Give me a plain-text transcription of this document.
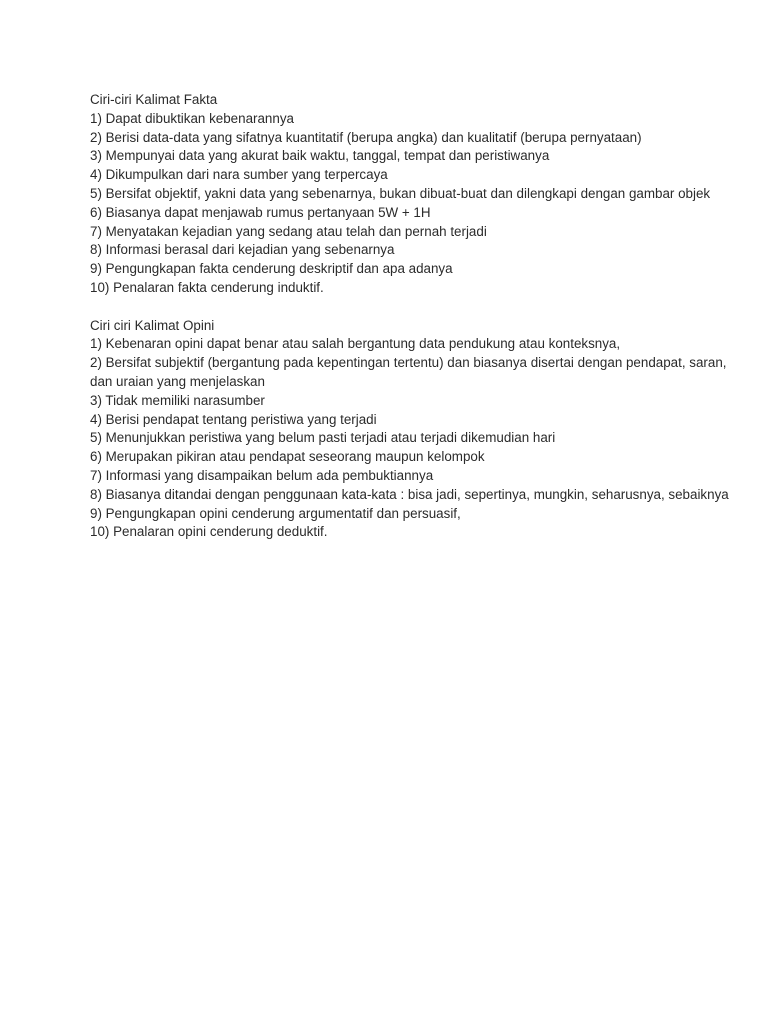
Ciri-ciri Kalimat Fakta
1) Dapat dibuktikan kebenarannya
2) Berisi data-data yang sifatnya kuantitatif (berupa angka) dan kualitatif (berupa pernyataan)
3) Mempunyai data yang akurat baik waktu, tanggal, tempat dan peristiwanya
4) Dikumpulkan dari nara sumber yang terpercaya
5) Bersifat objektif, yakni data yang sebenarnya, bukan dibuat-buat dan dilengkapi dengan gambar objek
6) Biasanya dapat menjawab rumus pertanyaan 5W + 1H
7) Menyatakan kejadian yang sedang atau telah dan pernah terjadi
8) Informasi berasal dari kejadian yang sebenarnya
9) Pengungkapan fakta cenderung deskriptif dan apa adanya
10) Penalaran fakta cenderung induktif.
Ciri ciri Kalimat Opini
1) Kebenaran opini dapat benar atau salah bergantung data pendukung atau konteksnya,
2) Bersifat subjektif (bergantung pada kepentingan tertentu) dan biasanya disertai dengan pendapat, saran, dan uraian yang menjelaskan
3) Tidak memiliki narasumber
4) Berisi pendapat tentang peristiwa yang terjadi
5) Menunjukkan peristiwa yang belum pasti terjadi atau terjadi dikemudian hari
6) Merupakan pikiran atau pendapat seseorang maupun kelompok
7) Informasi yang disampaikan belum ada pembuktiannya
8) Biasanya ditandai dengan penggunaan kata-kata : bisa jadi, sepertinya, mungkin, seharusnya, sebaiknya
9) Pengungkapan opini cenderung argumentatif dan persuasif,
10) Penalaran opini cenderung deduktif.
